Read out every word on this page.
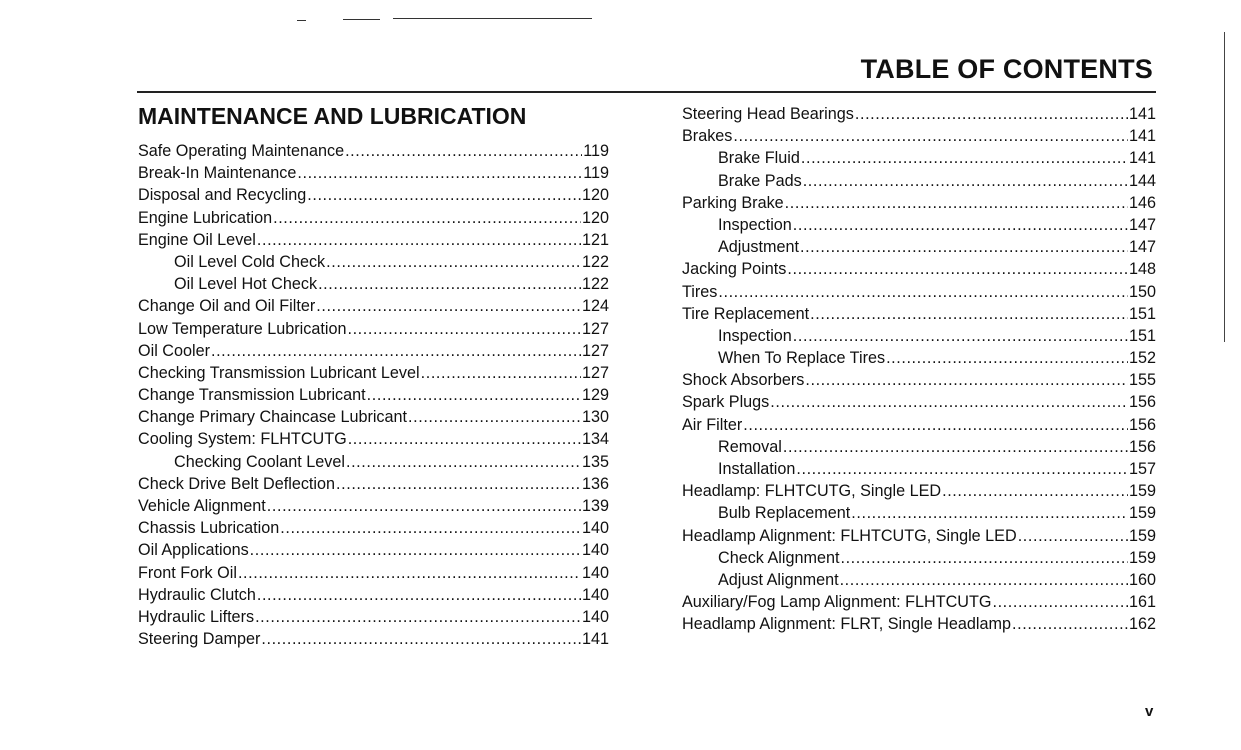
TABLE OF CONTENTS
MAINTENANCE AND LUBRICATION
Safe Operating Maintenance .....	119
Break-In Maintenance .....	119
Disposal and Recycling .....	120
Engine Lubrication .....	120
Engine Oil Level .....	121
Oil Level Cold Check .....	122
Oil Level Hot Check .....	122
Change Oil and Oil Filter .....	124
Low Temperature Lubrication .....	127
Oil Cooler .....	127
Checking Transmission Lubricant Level .....	127
Change Transmission Lubricant .....	129
Change Primary Chaincase Lubricant .....	130
Cooling System: FLHTCUTG .....	134
Checking Coolant Level .....	135
Check Drive Belt Deflection .....	136
Vehicle Alignment .....	139
Chassis Lubrication .....	140
Oil Applications .....	140
Front Fork Oil .....	140
Hydraulic Clutch .....	140
Hydraulic Lifters .....	140
Steering Damper .....	141
Steering Head Bearings .....	141
Brakes .....	141
Brake Fluid .....	141
Brake Pads .....	144
Parking Brake .....	146
Inspection .....	147
Adjustment .....	147
Jacking Points .....	148
Tires .....	150
Tire Replacement .....	151
Inspection .....	151
When To Replace Tires .....	152
Shock Absorbers .....	155
Spark Plugs .....	156
Air Filter .....	156
Removal .....	156
Installation .....	157
Headlamp: FLHTCUTG, Single LED .....	159
Bulb Replacement .....	159
Headlamp Alignment: FLHTCUTG, Single LED .....	159
Check Alignment .....	159
Adjust Alignment .....	160
Auxiliary/Fog Lamp Alignment: FLHTCUTG .....	161
Headlamp Alignment: FLRT, Single Headlamp .....	162
v
